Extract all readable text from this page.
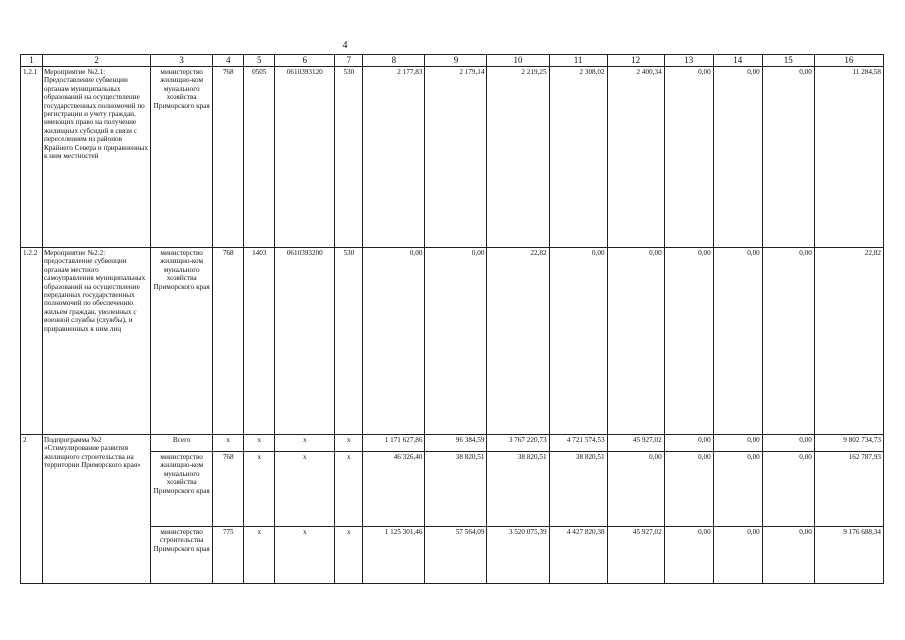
4
1	2	3	4	5	6	7	8	9	10	11	12	13	14	15	16
1.2.1	Мероприятие №2.1: Предоставление субвенции органам муниципальных образований на осуществление государственных полномочий по регистрации и учету граждан, имеющих право на получение жилищных субсидий в связи с переселением из районов Крайнего Севера и приравненных к ним местностей	министерство жилищно-ком мунального хозяйства Приморского края	768	0505	0610393120	530	2 177,83	2 179,14	2 219,25	2 308,02	2 400,34	0,00	0,00	0,00	11 284,58
1.2.2	Мероприятие №2.2: предоставление субвенции органам местного самоуправления муниципальных образований на осуществление переданных государственных полномочий по обеспечению жильем граждан, уволенных с военной службы (службы), и приравненных к ним лиц	министерство жилищно-ком мунального хозяйства Приморского края	768	1403	0610393200	530	0,00	0,00	22,82	0,00	0,00	0,00	0,00	0,00	22,82
2	Подпрограмма №2 «Стимулирование развития жилищного строительства на территории Приморского края»	Всего	x	x	x	x	1 171 627,86	96 384,59	3 767 220,73	4 721 574,53	45 927,02	0,00	0,00	0,00	9 802 734,73
		министерство жилищно-ком мунального хозяйства Приморского края	768	x	x	x	46 326,40	38 820,51	38 820,51	38 820,51	0,00	0,00	0,00	0,00	162 787,93
		министерство строительства Приморского края	775	x	x	x	1 125 301,46	57 564,09	3 520 075,39	4 427 820,38	45 927,02	0,00	0,00	0,00	9 176 688,34
